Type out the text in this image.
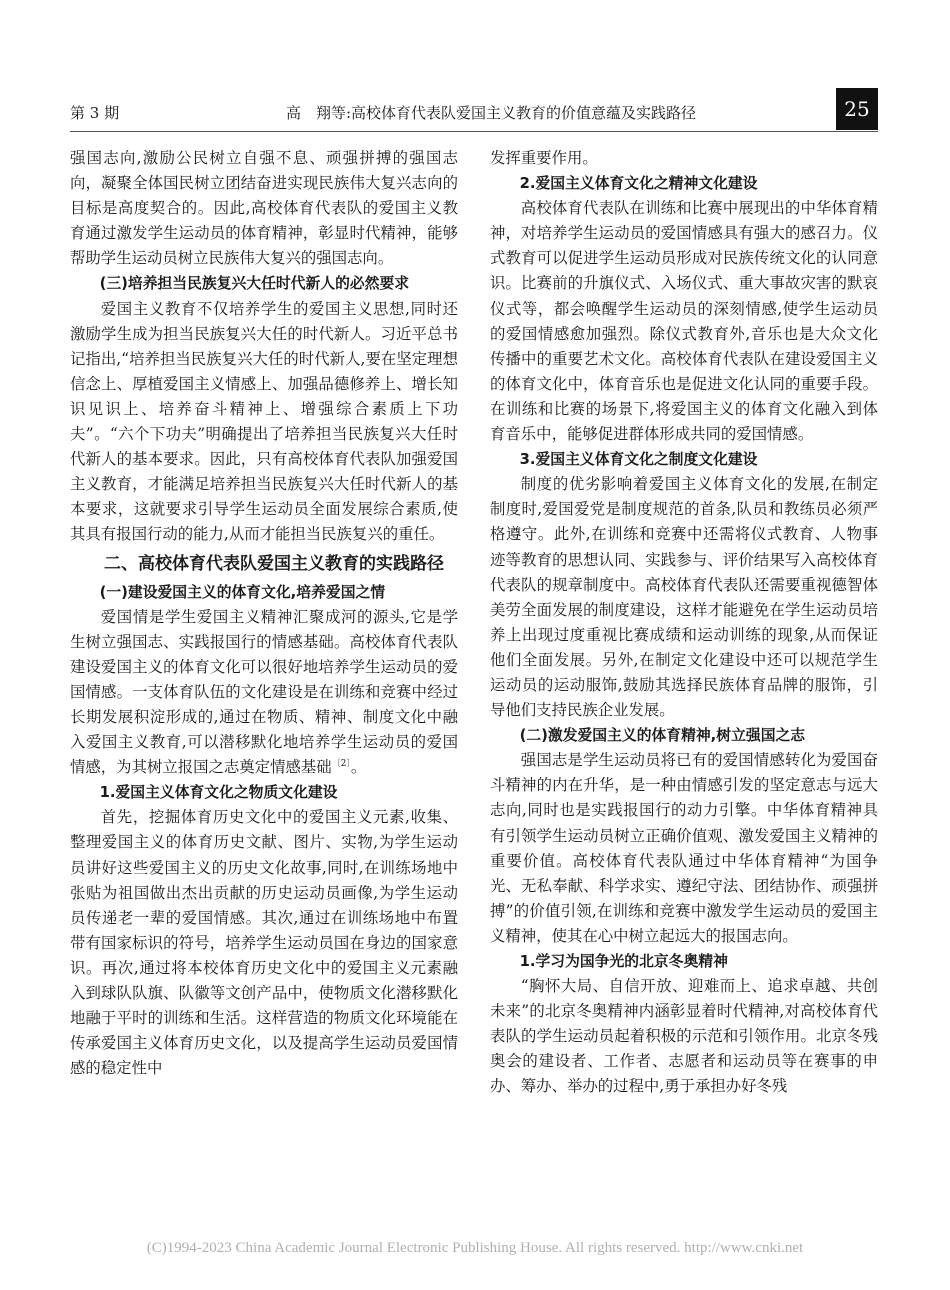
第 3 期	高　翔等:高校体育代表队爱国主义教育的价值意蕴及实践路径	25

强国志向,激励公民树立自强不息、顽强拼搏的强国志向，凝聚全体国民树立团结奋进实现民族伟大复兴志向的目标是高度契合的。因此,高校体育代表队的爱国主义教育通过激发学生运动员的体育精神，彰显时代精神，能够帮助学生运动员树立民族伟大复兴的强国志向。

(三)培养担当民族复兴大任时代新人的必然要求

爱国主义教育不仅培养学生的爱国主义思想,同时还激励学生成为担当民族复兴大任的时代新人。习近平总书记指出,“培养担当民族复兴大任的时代新人,要在坚定理想信念上、厚植爱国主义情感上、加强品德修养上、增长知识见识上、培养奋斗精神上、增强综合素质上下功夫”。“六个下功夫”明确提出了培养担当民族复兴大任时代新人的基本要求。因此，只有高校体育代表队加强爱国主义教育，才能满足培养担当民族复兴大任时代新人的基本要求，这就要求引导学生运动员全面发展综合素质,使其具有报国行动的能力,从而才能担当民族复兴的重任。

二、高校体育代表队爱国主义教育的实践路径
(一)建设爱国主义的体育文化,培养爱国之情

爱国情是学生爱国主义精神汇聚成河的源头,它是学生树立强国志、实践报国行的情感基础。高校体育代表队建设爱国主义的体育文化可以很好地培养学生运动员的爱国情感。一支体育队伍的文化建设是在训练和竞赛中经过长期发展积淀形成的,通过在物质、精神、制度文化中融入爱国主义教育,可以潜移默化地培养学生运动员的爱国情感，为其树立报国之志奠定情感基础$^{〔2〕}$。

1.爱国主义体育文化之物质文化建设

首先，挖掘体育历史文化中的爱国主义元素,收集、整理爱国主义的体育历史文献、图片、实物,为学生运动员讲好这些爱国主义的历史文化故事,同时,在训练场地中张贴为祖国做出杰出贡献的历史运动员画像,为学生运动员传递老一辈的爱国情感。其次,通过在训练场地中布置带有国家标识的符号，培养学生运动员国在身边的国家意识。再次,通过将本校体育历史文化中的爱国主义元素融入到球队队旗、队徽等文创产品中，使物质文化潜移默化地融于平时的训练和生活。这样营造的物质文化环境能在传承爱国主义体育历史文化，以及提高学生运动员爱国情感的稳定性中

发挥重要作用。

2.爱国主义体育文化之精神文化建设

高校体育代表队在训练和比赛中展现出的中华体育精神，对培养学生运动员的爱国情感具有强大的感召力。仪式教育可以促进学生运动员形成对民族传统文化的认同意识。比赛前的升旗仪式、入场仪式、重大事故灾害的默哀仪式等，都会唤醒学生运动员的深刻情感,使学生运动员的爱国情感愈加强烈。除仪式教育外,音乐也是大众文化传播中的重要艺术文化。高校体育代表队在建设爱国主义的体育文化中，体育音乐也是促进文化认同的重要手段。在训练和比赛的场景下,将爱国主义的体育文化融入到体育音乐中，能够促进群体形成共同的爱国情感。

3.爱国主义体育文化之制度文化建设

制度的优劣影响着爱国主义体育文化的发展,在制定制度时,爱国爱党是制度规范的首条,队员和教练员必须严格遵守。此外,在训练和竞赛中还需将仪式教育、人物事迹等教育的思想认同、实践参与、评价结果写入高校体育代表队的规章制度中。高校体育代表队还需要重视德智体美劳全面发展的制度建设，这样才能避免在学生运动员培养上出现过度重视比赛成绩和运动训练的现象,从而保证他们全面发展。另外,在制定文化建设中还可以规范学生运动员的运动服饰,鼓励其选择民族体育品牌的服饰，引导他们支持民族企业发展。

(二)激发爱国主义的体育精神,树立强国之志

强国志是学生运动员将已有的爱国情感转化为爱国奋斗精神的内在升华，是一种由情感引发的坚定意志与远大志向,同时也是实践报国行的动力引擎。中华体育精神具有引领学生运动员树立正确价值观、激发爱国主义精神的重要价值。高校体育代表队通过中华体育精神“为国争光、无私奉献、科学求实、遵纪守法、团结协作、顽强拼搏”的价值引领,在训练和竞赛中激发学生运动员的爱国主义精神，使其在心中树立起远大的报国志向。

1.学习为国争光的北京冬奥精神

“胸怀大局、自信开放、迎难而上、追求卓越、共创未来”的北京冬奥精神内涵彰显着时代精神,对高校体育代表队的学生运动员起着积极的示范和引领作用。北京冬残奥会的建设者、工作者、志愿者和运动员等在赛事的申办、筹办、举办的过程中,勇于承担办好冬残

(C)1994-2023 China Academic Journal Electronic Publishing House. All rights reserved. http://www.cnki.net
